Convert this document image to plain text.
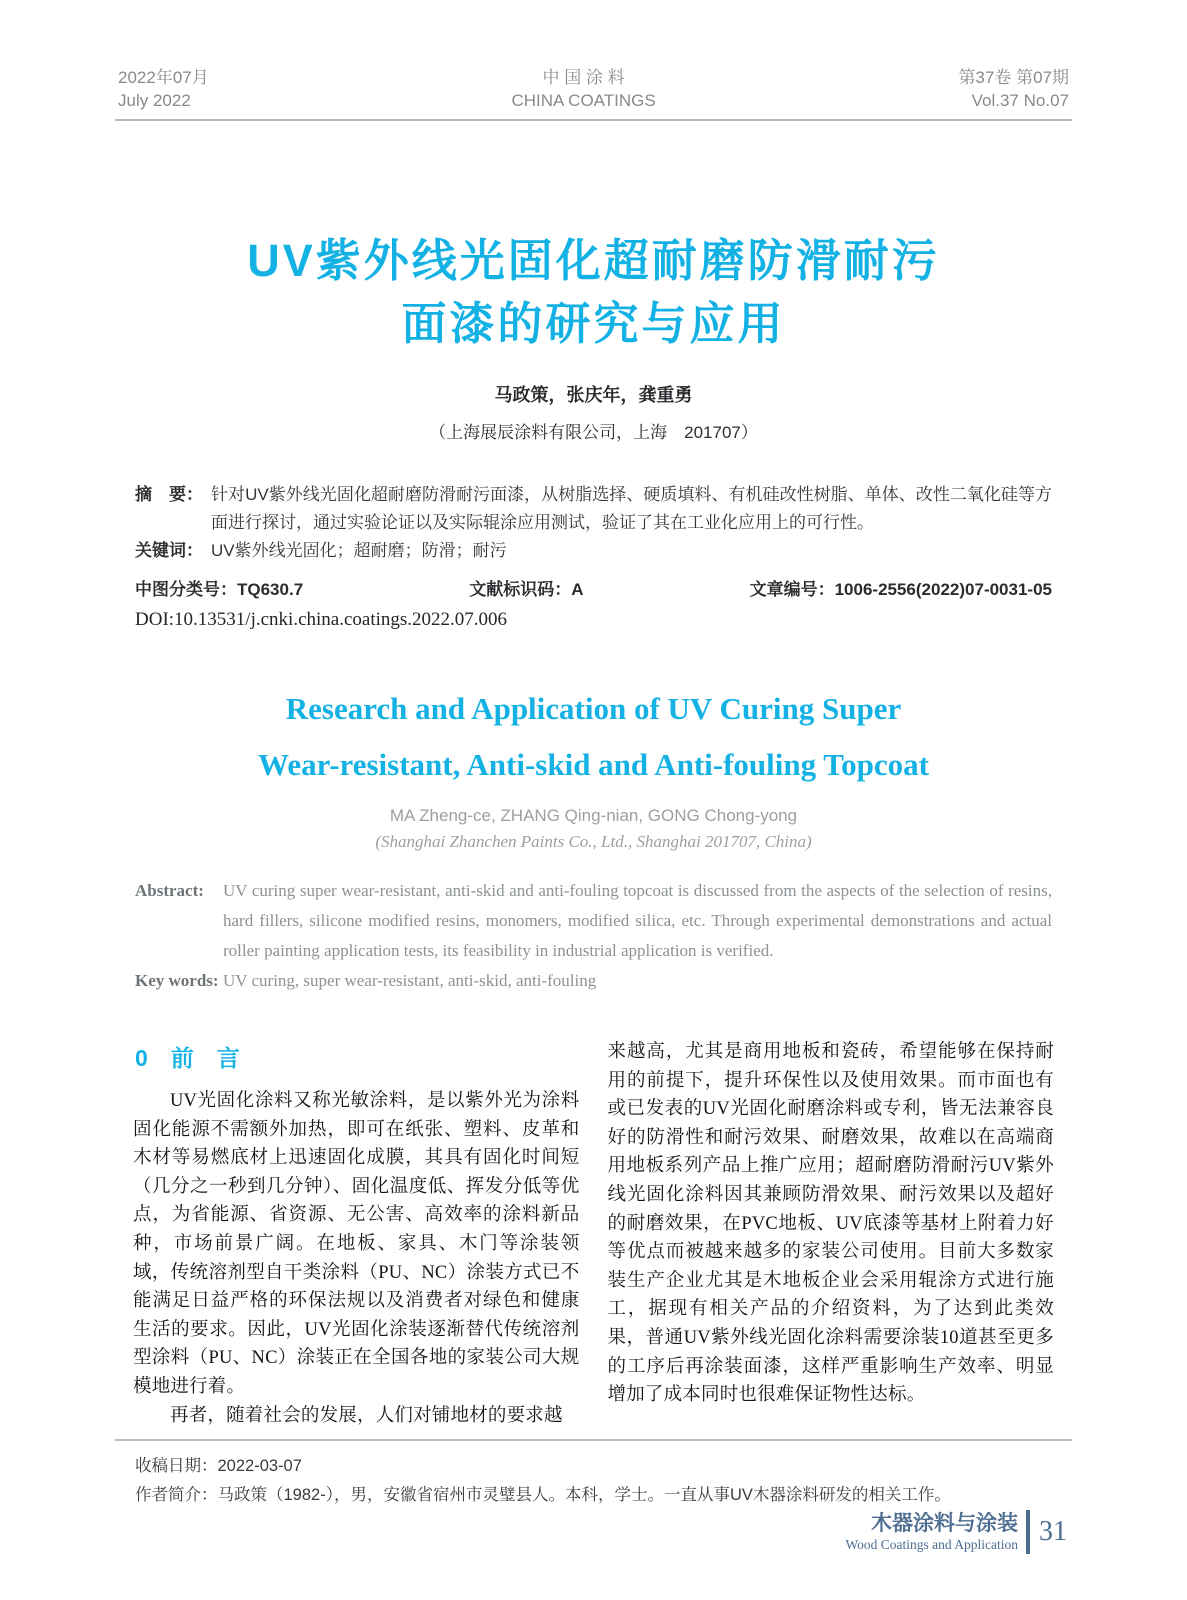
2022年07月
July 2022
中 国 涂 料
CHINA COATINGS
第37卷 第07期
Vol.37 No.07
UV紫外线光固化超耐磨防滑耐污
面漆的研究与应用
马政策，张庆年，龚重勇
（上海展辰涂料有限公司，上海　201707）

摘　要： 针对UV紫外线光固化超耐磨防滑耐污面漆，从树脂选择、硬质填料、有机硅改性树脂、单体、改性二氧化硅等方面进行探讨，通过实验论证以及实际辊涂应用测试，验证了其在工业化应用上的可行性。

关键词： UV紫外线光固化；超耐磨；防滑；耐污

中图分类号：TQ630.7	文献标识码：A	文章编号：1006-2556(2022)07-0031-05

DOI:10.13531/j.cnki.china.coatings.2022.07.006

Research and Application of UV Curing Super
Wear-resistant, Anti-skid and Anti-fouling Topcoat
MA Zheng-ce, ZHANG Qing-nian, GONG Chong-yong
(Shanghai Zhanchen Paints Co., Ltd., Shanghai 201707, China)

Abstract: UV curing super wear-resistant, anti-skid and anti-fouling topcoat is discussed from the aspects of the selection of resins, hard fillers, silicone modified resins, monomers, modified silica, etc. Through experimental demonstrations and actual roller painting application tests, its feasibility in industrial application is verified.

Key words: UV curing, super wear-resistant, anti-skid, anti-fouling

0　前　言

UV光固化涂料又称光敏涂料，是以紫外光为涂料固化能源不需额外加热，即可在纸张、塑料、皮革和木材等易燃底材上迅速固化成膜，其具有固化时间短（几分之一秒到几分钟）、固化温度低、挥发分低等优点，为省能源、省资源、无公害、高效率的涂料新品种，市场前景广阔。在地板、家具、木门等涂装领域，传统溶剂型自干类涂料（PU、NC）涂装方式已不能满足日益严格的环保法规以及消费者对绿色和健康生活的要求。因此，UV光固化涂装逐渐替代传统溶剂型涂料（PU、NC）涂装正在全国各地的家装公司大规模地进行着。

再者，随着社会的发展，人们对铺地材的要求越

来越高，尤其是商用地板和瓷砖，希望能够在保持耐用的前提下，提升环保性以及使用效果。而市面也有或已发表的UV光固化耐磨涂料或专利，皆无法兼容良好的防滑性和耐污效果、耐磨效果，故难以在高端商用地板系列产品上推广应用；超耐磨防滑耐污UV紫外线光固化涂料因其兼顾防滑效果、耐污效果以及超好的耐磨效果，在PVC地板、UV底漆等基材上附着力好等优点而被越来越多的家装公司使用。目前大多数家装生产企业尤其是木地板企业会采用辊涂方式进行施工，据现有相关产品的介绍资料，为了达到此类效果，普通UV紫外线光固化涂料需要涂装10道甚至更多的工序后再涂装面漆，这样严重影响生产效率、明显增加了成本同时也很难保证物性达标。

收稿日期：2022-03-07

作者简介：马政策（1982-），男，安徽省宿州市灵璧县人。本科，学士。一直从事UV木器涂料研发的相关工作。

木器涂料与涂装
Wood Coatings and Application 31
